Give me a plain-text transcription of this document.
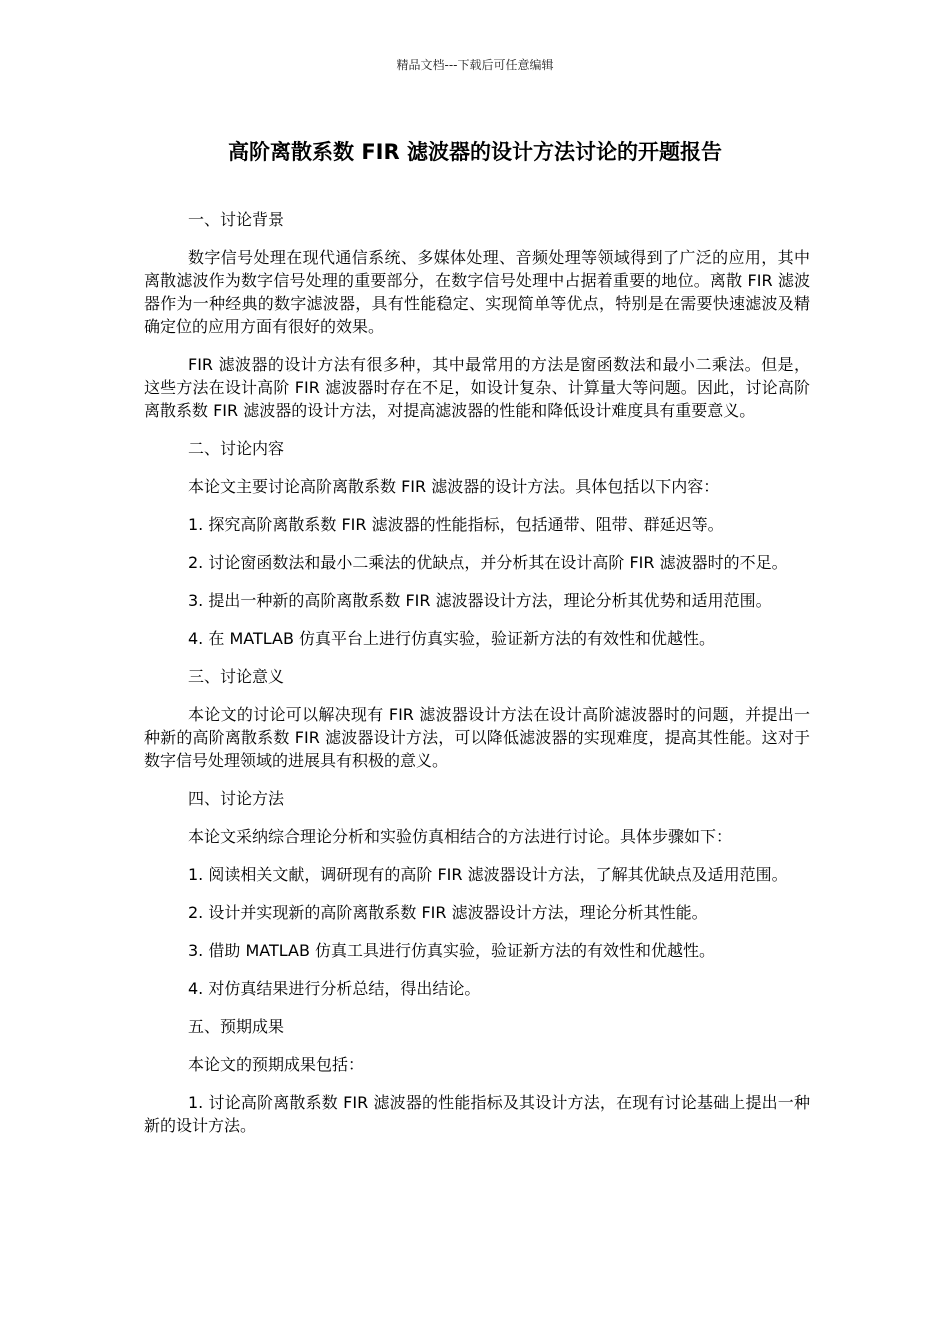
精品文档---下载后可任意编辑
高阶离散系数 FIR 滤波器的设计方法讨论的开题报告

一、讨论背景

数字信号处理在现代通信系统、多媒体处理、音频处理等领域得到了广泛的应用，其中离散滤波作为数字信号处理的重要部分，在数字信号处理中占据着重要的地位。离散 FIR 滤波器作为一种经典的数字滤波器，具有性能稳定、实现简单等优点，特别是在需要快速滤波及精确定位的应用方面有很好的效果。

FIR 滤波器的设计方法有很多种，其中最常用的方法是窗函数法和最小二乘法。但是，这些方法在设计高阶 FIR 滤波器时存在不足，如设计复杂、计算量大等问题。因此，讨论高阶离散系数 FIR 滤波器的设计方法，对提高滤波器的性能和降低设计难度具有重要意义。

二、讨论内容

本论文主要讨论高阶离散系数 FIR 滤波器的设计方法。具体包括以下内容：

1. 探究高阶离散系数 FIR 滤波器的性能指标，包括通带、阻带、群延迟等。

2. 讨论窗函数法和最小二乘法的优缺点，并分析其在设计高阶 FIR 滤波器时的不足。

3. 提出一种新的高阶离散系数 FIR 滤波器设计方法，理论分析其优势和适用范围。

4. 在 MATLAB 仿真平台上进行仿真实验，验证新方法的有效性和优越性。

三、讨论意义

本论文的讨论可以解决现有 FIR 滤波器设计方法在设计高阶滤波器时的问题，并提出一种新的高阶离散系数 FIR 滤波器设计方法，可以降低滤波器的实现难度，提高其性能。这对于数字信号处理领域的进展具有积极的意义。

四、讨论方法

本论文采纳综合理论分析和实验仿真相结合的方法进行讨论。具体步骤如下：

1. 阅读相关文献，调研现有的高阶 FIR 滤波器设计方法，了解其优缺点及适用范围。

2. 设计并实现新的高阶离散系数 FIR 滤波器设计方法，理论分析其性能。

3. 借助 MATLAB 仿真工具进行仿真实验，验证新方法的有效性和优越性。

4. 对仿真结果进行分析总结，得出结论。

五、预期成果

本论文的预期成果包括：

1. 讨论高阶离散系数 FIR 滤波器的性能指标及其设计方法，在现有讨论基础上提出一种新的设计方法。
